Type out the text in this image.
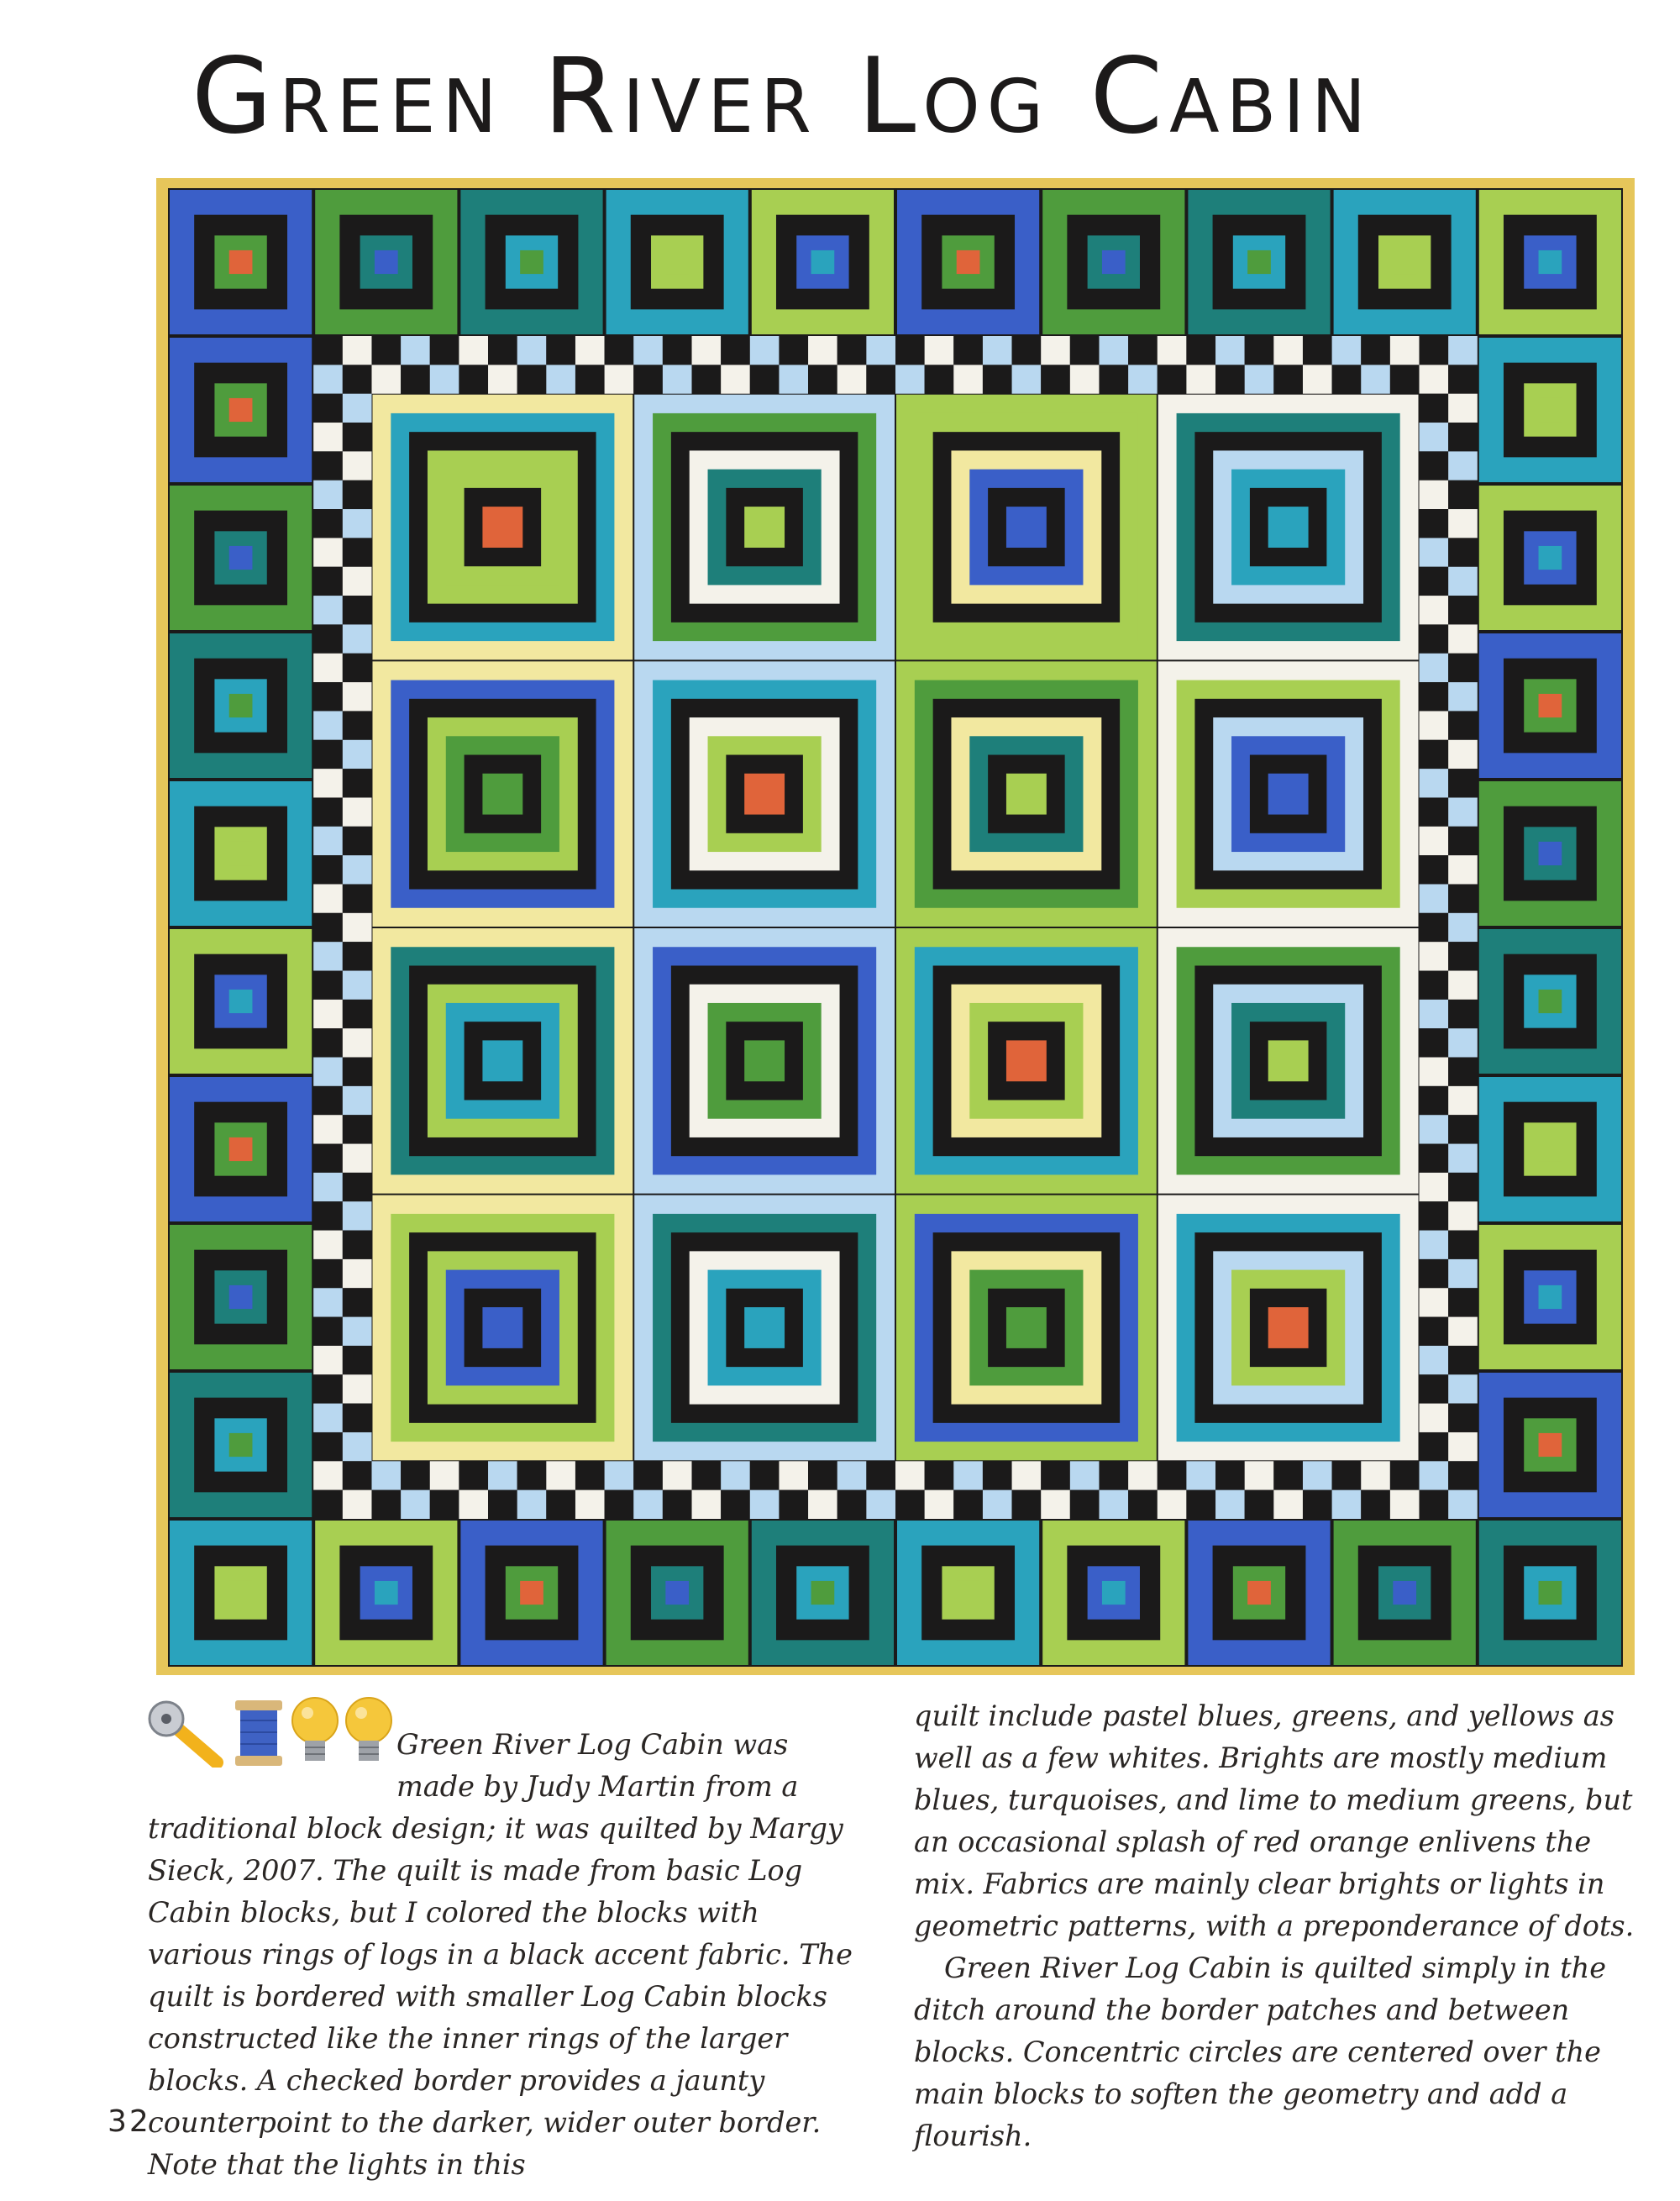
Green River Log Cabin

Green River Log Cabin was made by Judy Martin from a traditional block design; it was quilted by Margy Sieck, 2007. The quilt is made from basic Log Cabin blocks, but I colored the blocks with various rings of logs in a black accent fabric. The quilt is bordered with smaller Log Cabin blocks constructed like the inner rings of the larger blocks. A checked border provides a jaunty counterpoint to the darker, wider outer border. Note that the lights in this

quilt include pastel blues, greens, and yellows as well as a few whites. Brights are mostly medium blues, turquoises, and lime to medium greens, but an occasional splash of red orange enlivens the mix. Fabrics are mainly clear brights or lights in geometric patterns, with a preponderance of dots.

Green River Log Cabin is quilted simply in the ditch around the border patches and between blocks. Concentric circles are centered over the main blocks to soften the geometry and add a flourish.

32
